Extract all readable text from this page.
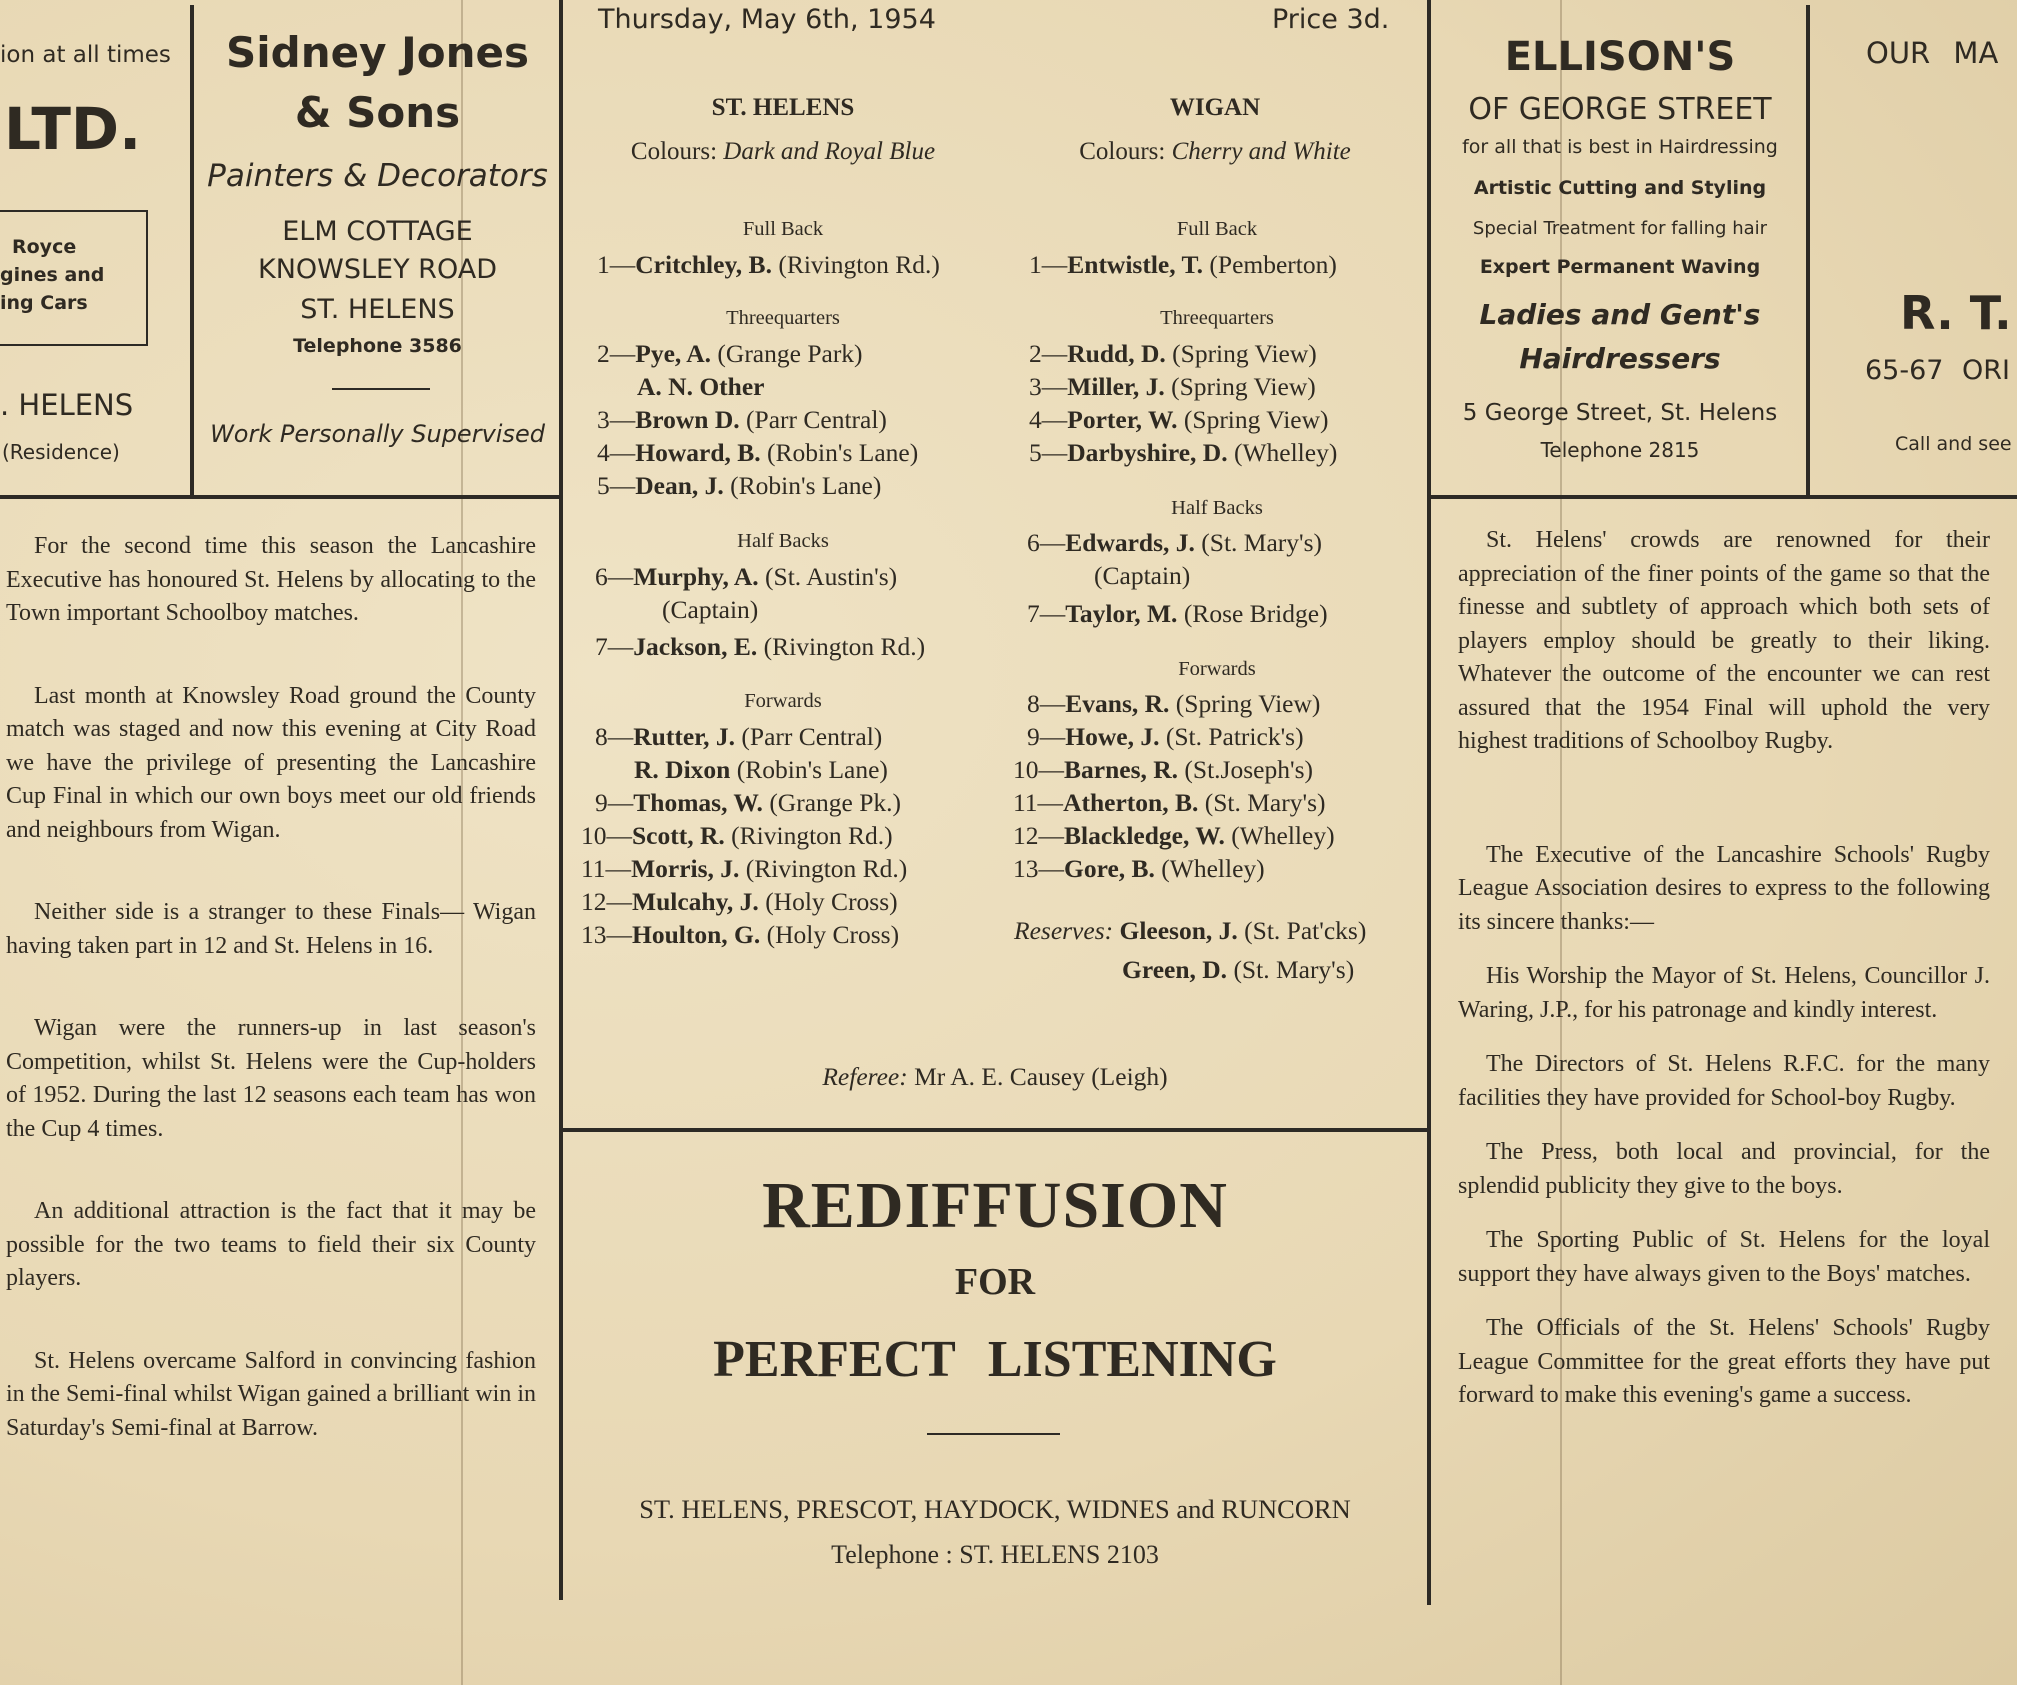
ion at all times
LTD.
Royce
gines and
ing Cars
. HELENS
(Residence)
Sidney Jones
& Sons
Painters & Decorators
ELM COTTAGE
KNOWSLEY ROAD
ST. HELENS
Telephone 3586
Work Personally Supervised
Thursday, May 6th, 1954	Price 3d.
ST. HELENS
Colours: Dark and Royal Blue
Full Back
Threequarters
Half Backs
Forwards
1—Critchley, B. (Rivington Rd.)
2—Pye, A. (Grange Park)
A. N. Other
3—Brown D. (Parr Central)
4—Howard, B. (Robin's Lane)
5—Dean, J. (Robin's Lane)
6—Murphy, A. (St. Austin's)
(Captain)
7—Jackson, E. (Rivington Rd.)
8—Rutter, J. (Parr Central)
R. Dixon (Robin's Lane)
9—Thomas, W. (Grange Pk.)
10—Scott, R. (Rivington Rd.)
11—Morris, J. (Rivington Rd.)
12—Mulcahy, J. (Holy Cross)
13—Houlton, G. (Holy Cross)
WIGAN
Colours: Cherry and White
Full Back
Threequarters
Half Backs
Forwards
1—Entwistle, T. (Pemberton)
2—Rudd, D. (Spring View)
3—Miller, J. (Spring View)
4—Porter, W. (Spring View)
5—Darbyshire, D. (Whelley)
6—Edwards, J. (St. Mary's)
(Captain)
7—Taylor, M. (Rose Bridge)
8—Evans, R. (Spring View)
9—Howe, J. (St. Patrick's)
10—Barnes, R. (St.Joseph's)
11—Atherton, B. (St. Mary's)
12—Blackledge, W. (Whelley)
13—Gore, B. (Whelley)
Reserves: Gleeson, J. (St. Pat'cks)
Green, D. (St. Mary's)
Referee: Mr A. E. Causey (Leigh)
REDIFFUSION
FOR
PERFECT LISTENING
ST. HELENS, PRESCOT, HAYDOCK, WIDNES and RUNCORN
Telephone : ST. HELENS 2103

For the second time this season the Lancashire Executive has honoured St. Helens by allocating to the Town important Schoolboy matches.

Last month at Knowsley Road ground the County match was staged and now this evening at City Road we have the privilege of presenting the Lancashire Cup Final in which our own boys meet our old friends and neighbours from Wigan.

Neither side is a stranger to these Finals— Wigan having taken part in 12 and St. Helens in 16.

Wigan were the runners-up in last season's Competition, whilst St. Helens were the Cup-holders of 1952. During the last 12 seasons each team has won the Cup 4 times.

An additional attraction is the fact that it may be possible for the two teams to field their six County players.

St. Helens overcame Salford in convincing fashion in the Semi-final whilst Wigan gained a brilliant win in Saturday's Semi-final at Barrow.

ELLISON'S
OF GEORGE STREET
for all that is best in Hairdressing
Artistic Cutting and Styling
Special Treatment for falling hair
Expert Permanent Waving
Ladies and Gent's
Hairdressers
5 George Street, St. Helens
Telephone 2815
OUR MA
R. T.
65-67 ORI
Call and see

St. Helens' crowds are renowned for their appreciation of the finer points of the game so that the finesse and subtlety of approach which both sets of players employ should be greatly to their liking. Whatever the outcome of the encounter we can rest assured that the 1954 Final will uphold the very highest traditions of Schoolboy Rugby.

The Executive of the Lancashire Schools' Rugby League Association desires to express to the following its sincere thanks:—

His Worship the Mayor of St. Helens, Councillor J. Waring, J.P., for his patronage and kindly interest.

The Directors of St. Helens R.F.C. for the many facilities they have provided for School-boy Rugby.

The Press, both local and provincial, for the splendid publicity they give to the boys.

The Sporting Public of St. Helens for the loyal support they have always given to the Boys' matches.

The Officials of the St. Helens' Schools' Rugby League Committee for the great efforts they have put forward to make this evening's game a success.
